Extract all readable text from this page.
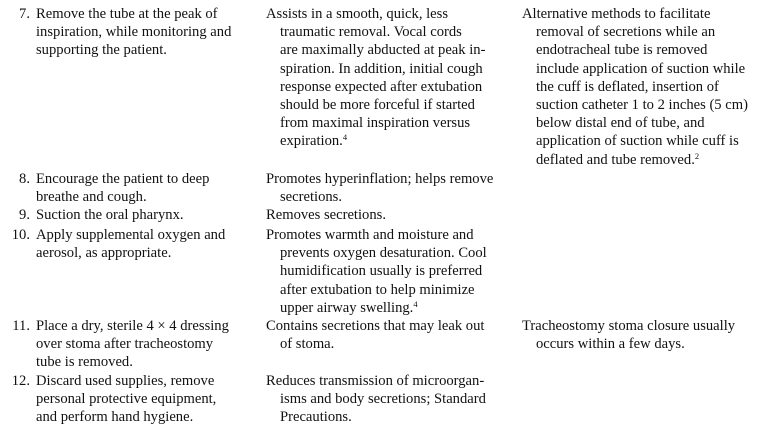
7. Remove the tube at the peak of
inspiration, while monitoring and
supporting the patient.
Assists in a smooth, quick, less
traumatic removal. Vocal cords
are maximally abducted at peak in-
spiration. In addition, initial cough
response expected after extubation
should be more forceful if started
from maximal inspiration versus
expiration.$^4$
Alternative methods to facilitate
removal of secretions while an
endotracheal tube is removed
include application of suction while
the cuff is deflated, insertion of
suction catheter 1 to 2 inches (5 cm)
below distal end of tube, and
application of suction while cuff is
deflated and tube removed.$^2$
8. Encourage the patient to deep
breathe and cough.
Promotes hyperinflation; helps remove
secretions.
9. Suction the oral pharynx.	Removes secretions.
10. Apply supplemental oxygen and
aerosol, as appropriate.
Promotes warmth and moisture and
prevents oxygen desaturation. Cool
humidification usually is preferred
after extubation to help minimize
upper airway swelling.$^4$
11. Place a dry, sterile 4 × 4 dressing
over stoma after tracheostomy
tube is removed.
Contains secretions that may leak out
of stoma.
Tracheostomy stoma closure usually
occurs within a few days.
12. Discard used supplies, remove
personal protective equipment,
and perform hand hygiene.
Reduces transmission of microorgan-
isms and body secretions; Standard
Precautions.
